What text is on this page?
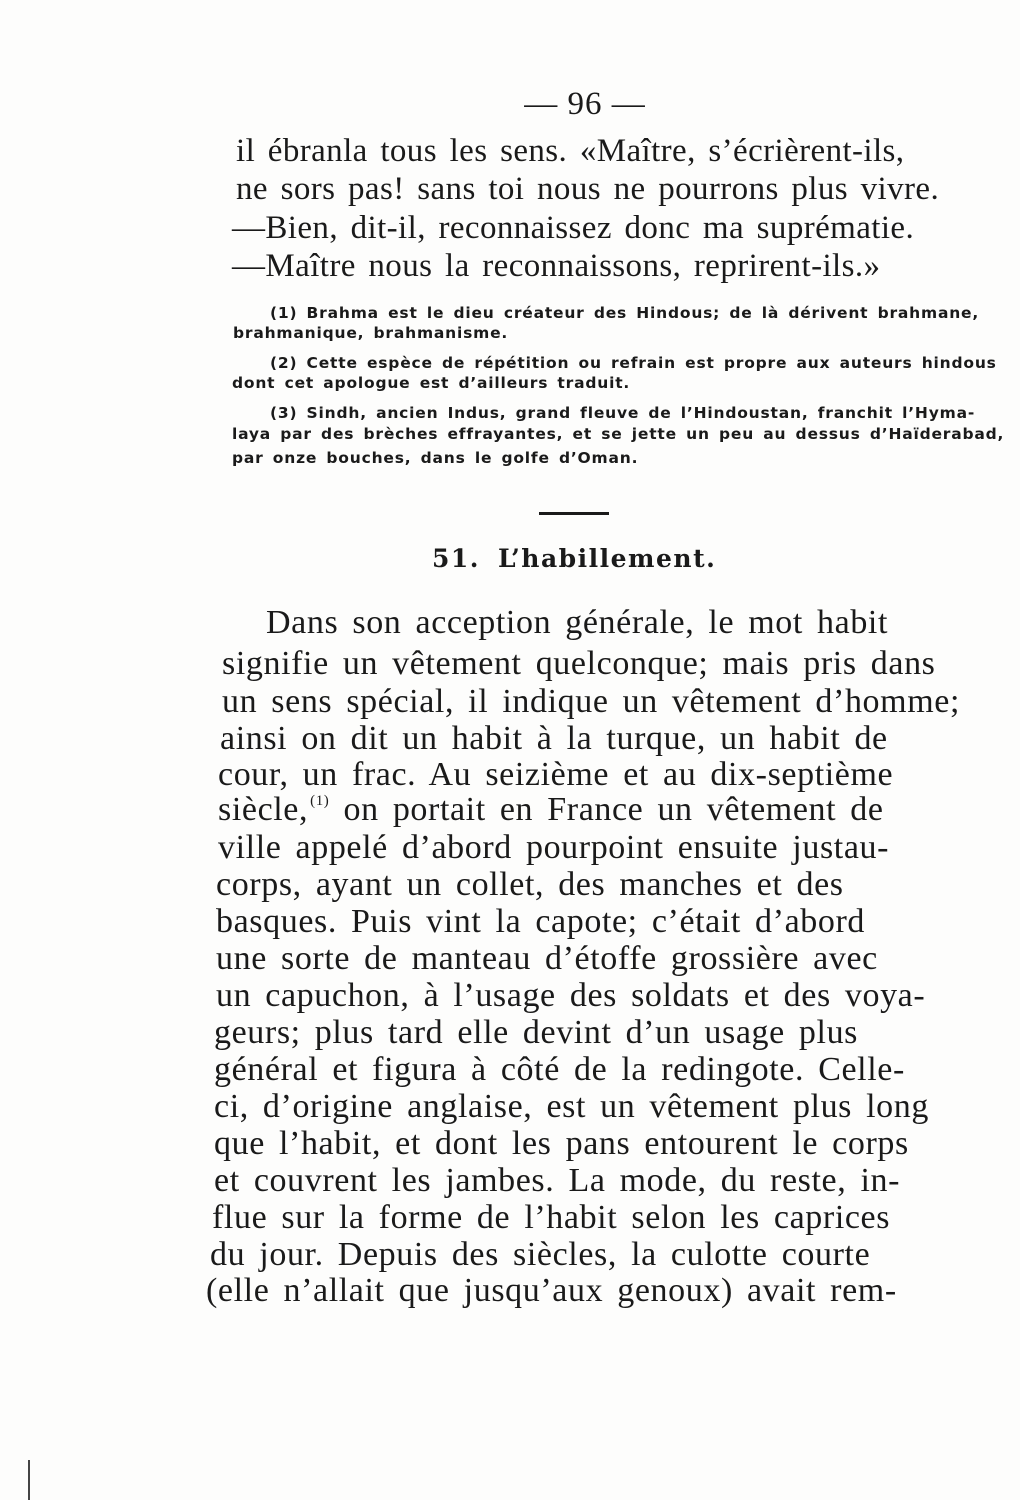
— 96 —
il ébranla tous les sens. «Maître, s’écrièrent-ils,
ne sors pas! sans toi nous ne pourrons plus vivre.
—Bien, dit-il, reconnaissez donc ma suprématie.
—Maître nous la reconnaissons, reprirent-ils.»
(1) Brahma est le dieu créateur des Hindous; de là dérivent brahmane,
brahmanique, brahmanisme.
(2) Cette espèce de répétition ou refrain est propre aux auteurs hindous
dont cet apologue est d’ailleurs traduit.
(3) Sindh, ancien Indus, grand fleuve de l’Hindoustan, franchit l’Hyma-
laya par des brèches effrayantes, et se jette un peu au dessus d’Haïderabad,
par onze bouches, dans le golfe d’Oman.
51. L’habillement.
Dans son acception générale, le mot habit
signifie un vêtement quelconque; mais pris dans
un sens spécial, il indique un vêtement d’homme;
ainsi on dit un habit à la turque, un habit de
cour, un frac. Au seizième et au dix-septième
siècle, $^{(1)}$ on portait en France un vêtement de
ville appelé d’abord pourpoint ensuite justau-
corps, ayant un collet, des manches et des
basques. Puis vint la capote; c’était d’abord
une sorte de manteau d’étoffe grossière avec
un capuchon, à l’usage des soldats et des voya-
geurs; plus tard elle devint d’un usage plus
général et figura à côté de la redingote. Celle-
ci, d’origine anglaise, est un vêtement plus long
que l’habit, et dont les pans entourent le corps
et couvrent les jambes. La mode, du reste, in-
flue sur la forme de l’habit selon les caprices
du jour. Depuis des siècles, la culotte courte
(elle n’allait que jusqu’aux genoux) avait rem-
